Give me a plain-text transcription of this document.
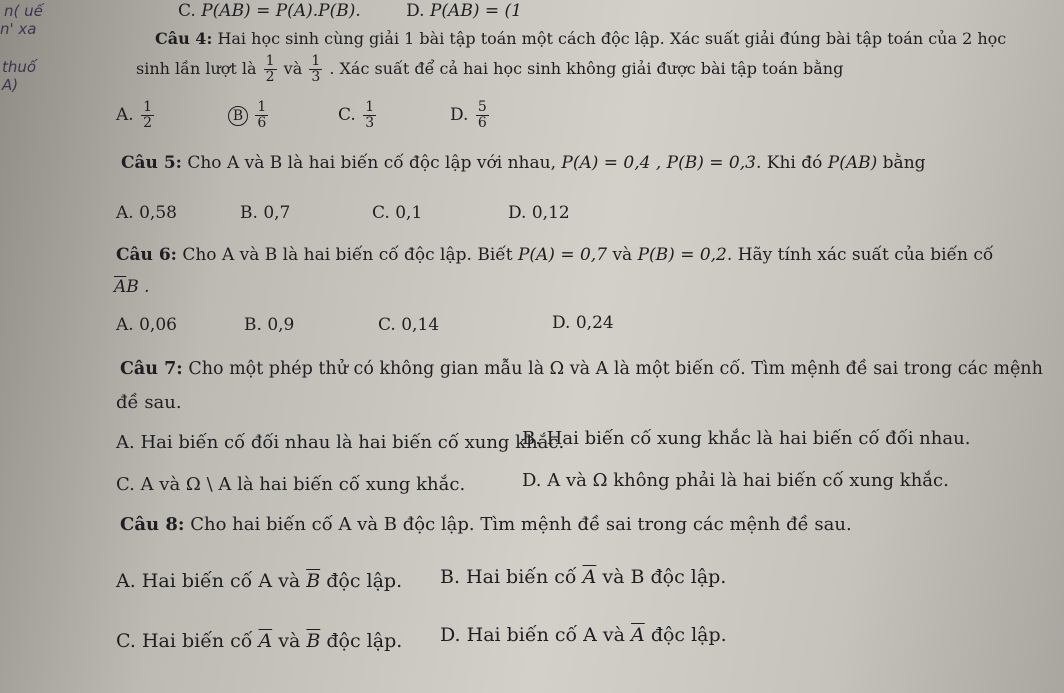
n( uế
n' xa
thuố
A)
C. P(AB) = P(A).P(B).	D. P(AB) = (1
Câu 4: Hai học sinh cùng giải 1 bài tập toán một cách độc lập. Xác suất giải đúng bài tập toán của 2 học
sinh lần lượt là $\frac{1}{2}$ và $\frac{1}{3}$ . Xác suất để cả hai học sinh không giải được bài tập toán bằng
A. $\frac{1}{2}$	B $\frac{1}{6}$	C. $\frac{1}{3}$	D. $\frac{5}{6}$
Câu 5: Cho A và B là hai biến cố độc lập với nhau, P(A) = 0,4 , P(B) = 0,3. Khi đó P(AB) bằng
A. 0,58	B. 0,7	C. 0,1	D. 0,12
Câu 6: Cho A và B là hai biến cố độc lập. Biết P(A) = 0,7 và P(B) = 0,2. Hãy tính xác suất của biến cố
$\overline{A}B$ .
A. 0,06	B. 0,9	C. 0,14	D. 0,24
Câu 7: Cho một phép thử có không gian mẫu là Ω và A là một biến cố. Tìm mệnh đề sai trong các mệnh
đề sau.
A. Hai biến cố đối nhau là hai biến cố xung khắc.
B. Hai biến cố xung khắc là hai biến cố đối nhau.
C. A và Ω \ A là hai biến cố xung khắc.	D. A và Ω không phải là hai biến cố xung khắc.
Câu 8: Cho hai biến cố A và B độc lập. Tìm mệnh đề sai trong các mệnh đề sau.
A. Hai biến cố A và $\overline{B}$ độc lập. B. Hai biến cố $\overline{A}$ và B độc lập.
C. Hai biến cố $\overline{A}$ và $\overline{B}$ độc lập. D. Hai biến cố A và $\overline{A}$ độc lập.
